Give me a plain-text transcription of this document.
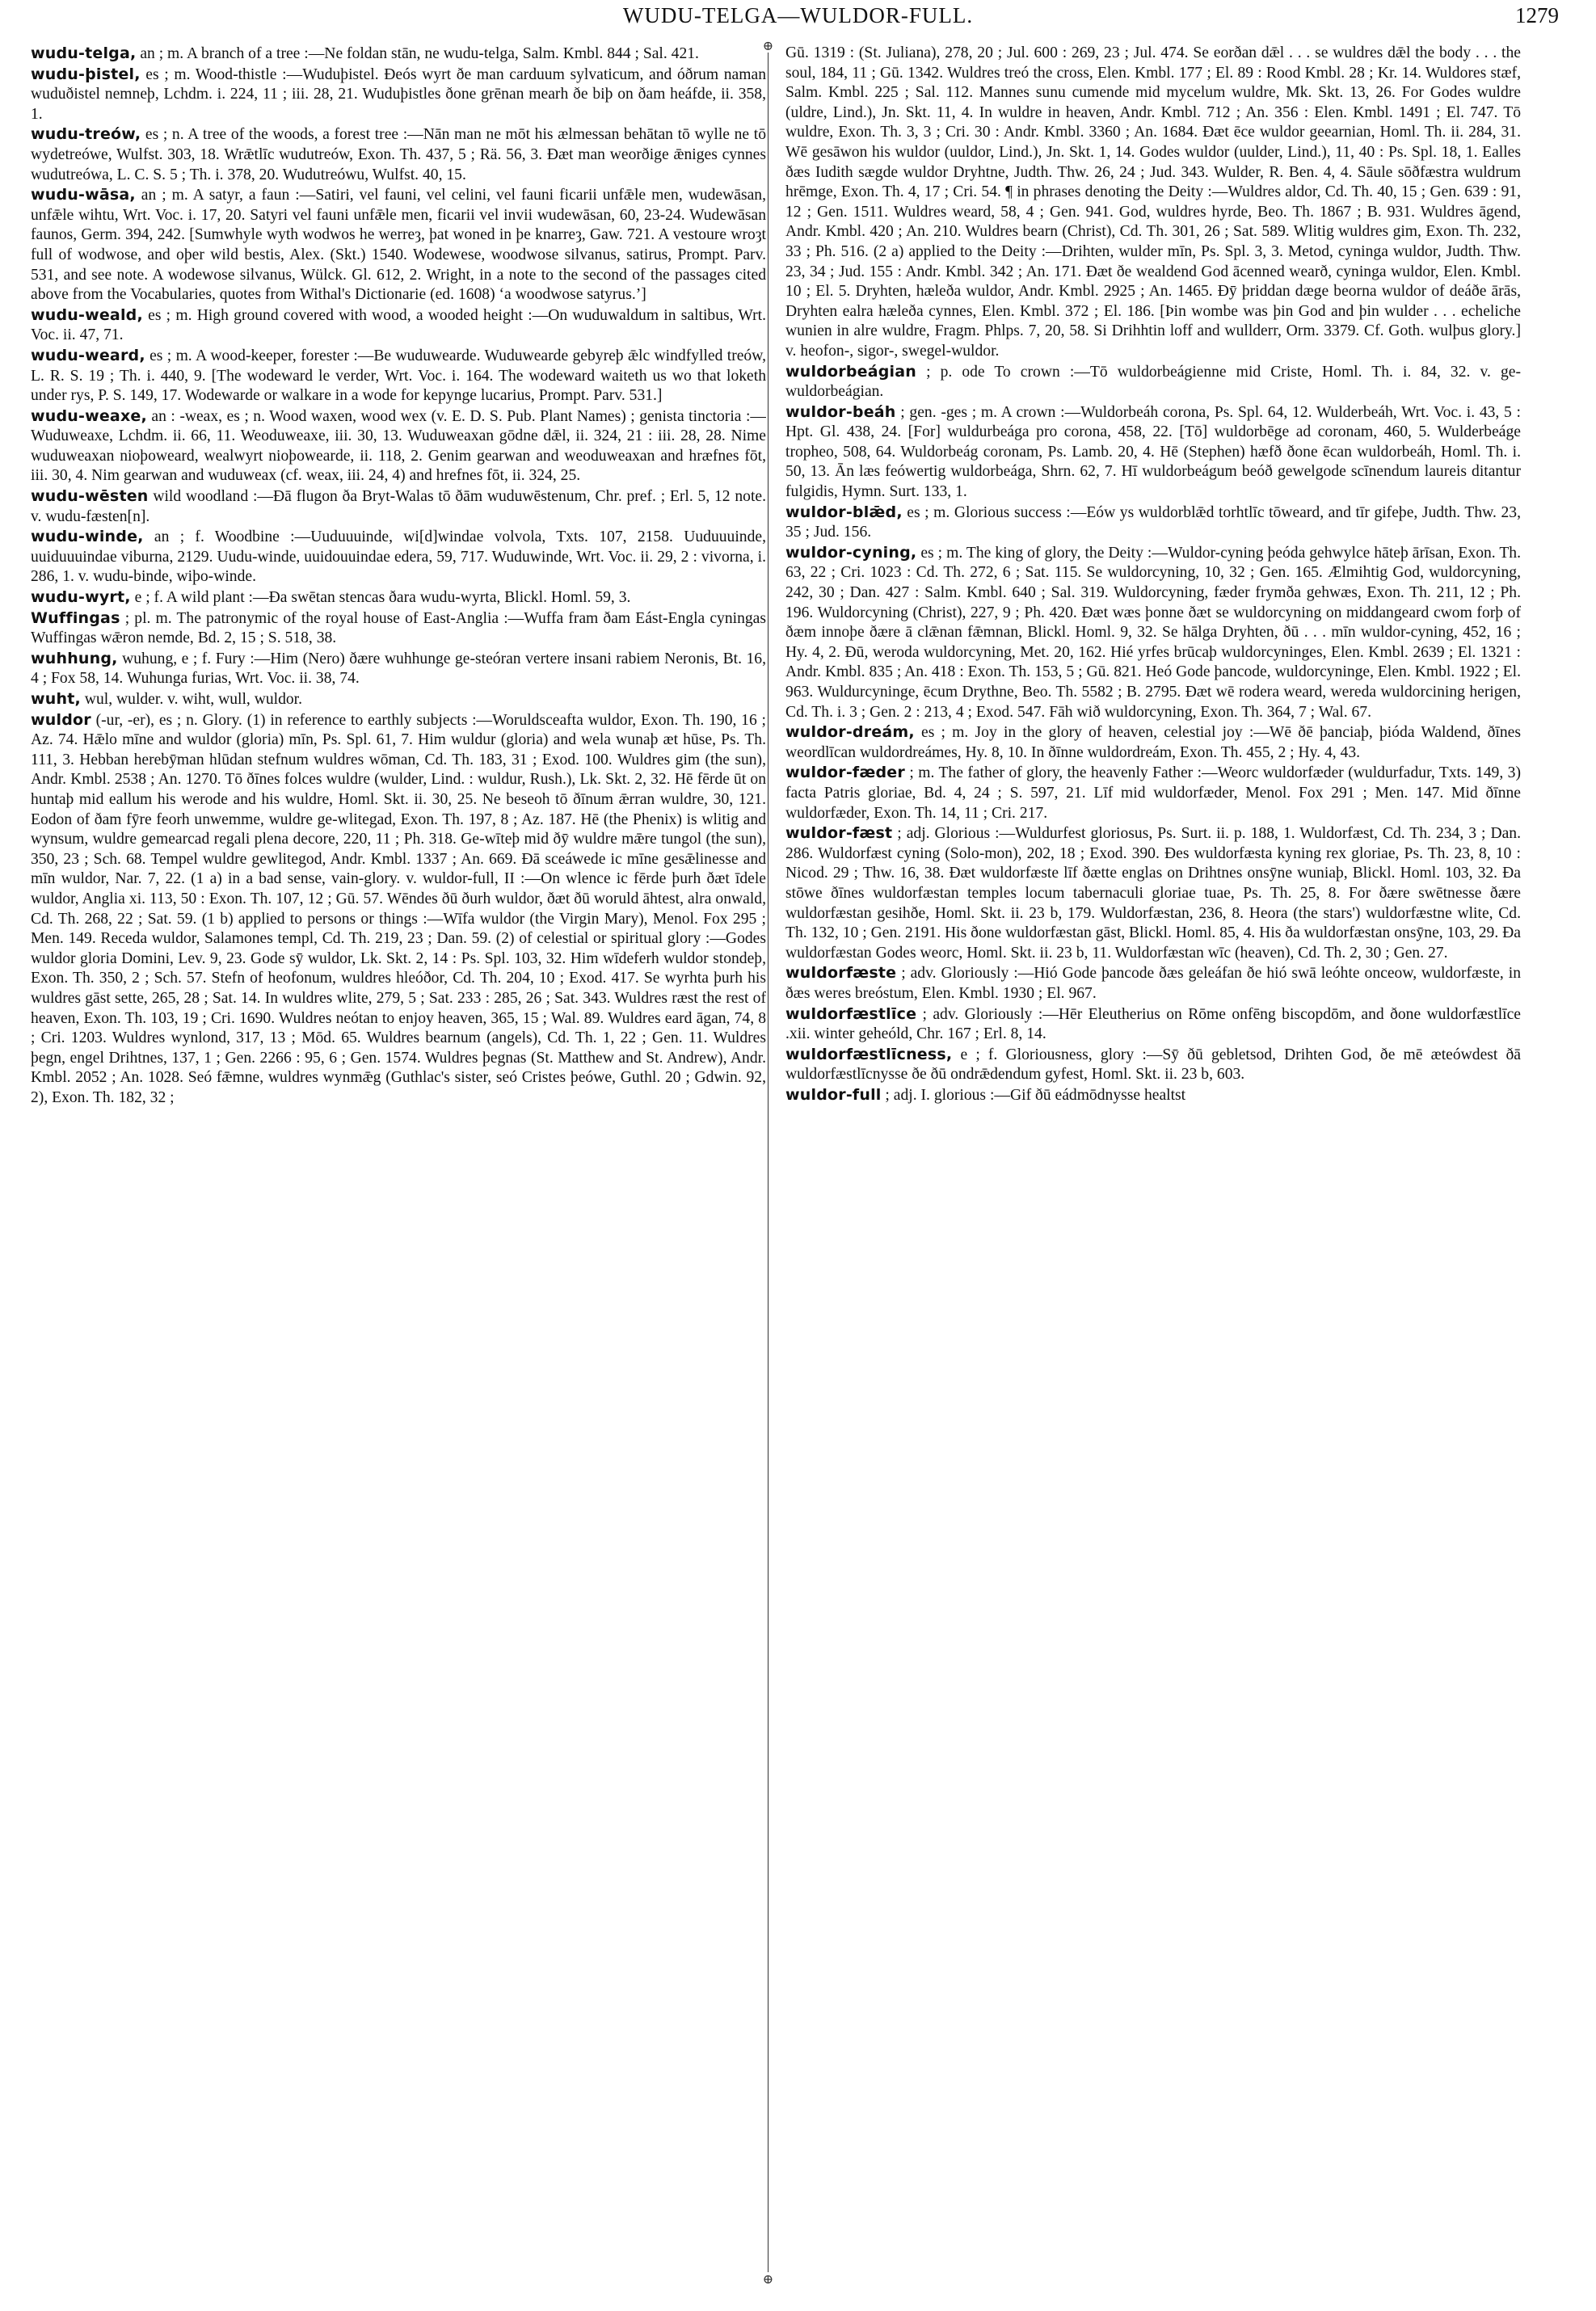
WUDU-TELGA—WULDOR-FULL.	1279

wudu-telga, an ; m. A branch of a tree :—Ne foldan stān, ne wudu-telga, Salm. Kmbl. 844 ; Sal. 421.

wudu-þistel, es ; m. Wood-thistle :—Wuduþistel. Ðeós wyrt ðe man carduum sylvaticum, and óðrum naman wuduðistel nemneþ, Lchdm. i. 224, 11 ; iii. 28, 21. Wuduþistles ðone grēnan mearh ðe biþ on ðam heáfde, ii. 358, 1.

wudu-treów, es ; n. A tree of the woods, a forest tree :—Nān man ne mōt his ælmessan behātan tō wylle ne tō wydetreówe, Wulfst. 303, 18. Wrǣtlīc wudutreów, Exon. Th. 437, 5 ; Rä. 56, 3. Ðæt man weorðige ǣniges cynnes wudutreówa, L. C. S. 5 ; Th. i. 378, 20. Wudutreówu, Wulfst. 40, 15.

wudu-wāsa, an ; m. A satyr, a faun :—Satiri, vel fauni, vel celini, vel fauni ficarii unfǣle men, wudewāsan, unfǣle wihtu, Wrt. Voc. i. 17, 20. Satyri vel fauni unfǣle men, ficarii vel invii wudewāsan, 60, 23-24. Wudewāsan faunos, Germ. 394, 242. [Sumwhyle wyth wodwos he werreȝ, þat woned in þe knarreȝ, Gaw. 721. A vestoure wroȝt full of wodwose, and oþer wild bestis, Alex. (Skt.) 1540. Wodewese, woodwose silvanus, satirus, Prompt. Parv. 531, and see note. A wodewose silvanus, Wülck. Gl. 612, 2. Wright, in a note to the second of the passages cited above from the Vocabularies, quotes from Withal's Dictionarie (ed. 1608) ‘a woodwose satyrus.’]

wudu-weald, es ; m. High ground covered with wood, a wooded height :—On wuduwaldum in saltibus, Wrt. Voc. ii. 47, 71.

wudu-weard, es ; m. A wood-keeper, forester :—Be wuduwearde. Wuduwearde gebyreþ ǣlc windfylled treów, L. R. S. 19 ; Th. i. 440, 9. [The wodeward le verder, Wrt. Voc. i. 164. The wodeward waiteth us wo that loketh under rys, P. S. 149, 17. Wodewarde or walkare in a wode for kepynge lucarius, Prompt. Parv. 531.]

wudu-weaxe, an : -weax, es ; n. Wood waxen, wood wex (v. E. D. S. Pub. Plant Names) ; genista tinctoria :—Wuduweaxe, Lchdm. ii. 66, 11. Weoduweaxe, iii. 30, 13. Wuduweaxan gōdne dǣl, ii. 324, 21 : iii. 28, 28. Nime wuduweaxan nioþoweard, wealwyrt nioþowearde, ii. 118, 2. Genim gearwan and weoduweaxan and hræfnes fōt, iii. 30, 4. Nim gearwan and wuduweax (cf. weax, iii. 24, 4) and hrefnes fōt, ii. 324, 25.

wudu-wēsten wild woodland :—Ðā flugon ða Bryt-Walas tō ðām wuduwēstenum, Chr. pref. ; Erl. 5, 12 note. v. wudu-fæsten[n].

wudu-winde, an ; f. Woodbine :—Uuduuuinde, wi[d]windae volvola, Txts. 107, 2158. Uuduuuinde, uuiduuuindae viburna, 2129. Uudu-winde, uuidouuindae edera, 59, 717. Wuduwinde, Wrt. Voc. ii. 29, 2 : vivorna, i. 286, 1. v. wudu-binde, wiþo-winde.

wudu-wyrt, e ; f. A wild plant :—Ða swētan stencas ðara wudu-wyrta, Blickl. Homl. 59, 3.

Wuffingas ; pl. m. The patronymic of the royal house of East-Anglia :—Wuffa fram ðam Eást-Engla cyningas Wuffingas wǣron nemde, Bd. 2, 15 ; S. 518, 38.

wuhhung, wuhung, e ; f. Fury :—Him (Nero) ðære wuhhunge ge-steóran vertere insani rabiem Neronis, Bt. 16, 4 ; Fox 58, 14. Wuhunga furias, Wrt. Voc. ii. 38, 74.

wuht, wul, wulder. v. wiht, wull, wuldor.

wuldor (-ur, -er), es ; n. Glory. (1) in reference to earthly subjects :—Woruldsceafta wuldor, Exon. Th. 190, 16 ; Az. 74. Hǣlo mīne and wuldor (gloria) mīn, Ps. Spl. 61, 7. Him wuldur (gloria) and wela wunaþ æt hūse, Ps. Th. 111, 3. Hebban herebȳman hlūdan stefnum wuldres wōman, Cd. Th. 183, 31 ; Exod. 100. Wuldres gim (the sun), Andr. Kmbl. 2538 ; An. 1270. Tō ðīnes folces wuldre (wulder, Lind. : wuldur, Rush.), Lk. Skt. 2, 32. Hē fērde ūt on huntaþ mid eallum his werode and his wuldre, Homl. Skt. ii. 30, 25. Ne beseoh tō ðīnum ǣrran wuldre, 30, 121. Eodon of ðam fȳre feorh unwemme, wuldre ge-wlitegad, Exon. Th. 197, 8 ; Az. 187. Hē (the Phenix) is wlitig and wynsum, wuldre gemearcad regali plena decore, 220, 11 ; Ph. 318. Ge-wīteþ mid ðȳ wuldre mǣre tungol (the sun), 350, 23 ; Sch. 68. Tempel wuldre gewlitegod, Andr. Kmbl. 1337 ; An. 669. Ðā sceáwede ic mīne gesǣlinesse and mīn wuldor, Nar. 7, 22. (1 a) in a bad sense, vain-glory. v. wuldor-full, II :—On wlence ic fērde þurh ðæt īdele wuldor, Anglia xi. 113, 50 : Exon. Th. 107, 12 ; Gū. 57. Wēndes ðū ðurh wuldor, ðæt ðū woruld āhtest, alra onwald, Cd. Th. 268, 22 ; Sat. 59. (1 b) applied to persons or things :—Wīfa wuldor (the Virgin Mary), Menol. Fox 295 ; Men. 149. Receda wuldor, Salamones templ, Cd. Th. 219, 23 ; Dan. 59. (2) of celestial or spiritual glory :—Godes wuldor gloria Domini, Lev. 9, 23. Gode sȳ wuldor, Lk. Skt. 2, 14 : Ps. Spl. 103, 32. Him wīdeferh wuldor stondeþ, Exon. Th. 350, 2 ; Sch. 57. Stefn of heofonum, wuldres hleóðor, Cd. Th. 204, 10 ; Exod. 417. Se wyrhta þurh his wuldres gāst sette, 265, 28 ; Sat. 14. In wuldres wlite, 279, 5 ; Sat. 233 : 285, 26 ; Sat. 343. Wuldres ræst the rest of heaven, Exon. Th. 103, 19 ; Cri. 1690. Wuldres neótan to enjoy heaven, 365, 15 ; Wal. 89. Wuldres eard āgan, 74, 8 ; Cri. 1203. Wuldres wynlond, 317, 13 ; Mōd. 65. Wuldres bearnum (angels), Cd. Th. 1, 22 ; Gen. 11. Wuldres þegn, engel Drihtnes, 137, 1 ; Gen. 2266 : 95, 6 ; Gen. 1574. Wuldres þegnas (St. Matthew and St. Andrew), Andr. Kmbl. 2052 ; An. 1028. Seó fǣmne, wuldres wynmǣg (Guthlac's sister, seó Cristes þeówe, Guthl. 20 ; Gdwin. 92, 2), Exon. Th. 182, 32 ;

⊕
⊕

Gū. 1319 : (St. Juliana), 278, 20 ; Jul. 600 : 269, 23 ; Jul. 474. Se eorðan dǣl . . . se wuldres dǣl the body . . . the soul, 184, 11 ; Gū. 1342. Wuldres treó the cross, Elen. Kmbl. 177 ; El. 89 : Rood Kmbl. 28 ; Kr. 14. Wuldores stæf, Salm. Kmbl. 225 ; Sal. 112. Mannes sunu cumende mid mycelum wuldre, Mk. Skt. 13, 26. For Godes wuldre (uldre, Lind.), Jn. Skt. 11, 4. In wuldre in heaven, Andr. Kmbl. 712 ; An. 356 : Elen. Kmbl. 1491 ; El. 747. Tō wuldre, Exon. Th. 3, 3 ; Cri. 30 : Andr. Kmbl. 3360 ; An. 1684. Ðæt ēce wuldor geearnian, Homl. Th. ii. 284, 31. Wē gesāwon his wuldor (uuldor, Lind.), Jn. Skt. 1, 14. Godes wuldor (uulder, Lind.), 11, 40 : Ps. Spl. 18, 1. Ealles ðæs Iudith sægde wuldor Dryhtne, Judth. Thw. 26, 24 ; Jud. 343. Wulder, R. Ben. 4, 4. Sāule sōðfæstra wuldrum hrēmge, Exon. Th. 4, 17 ; Cri. 54. ¶ in phrases denoting the Deity :—Wuldres aldor, Cd. Th. 40, 15 ; Gen. 639 : 91, 12 ; Gen. 1511. Wuldres weard, 58, 4 ; Gen. 941. God, wuldres hyrde, Beo. Th. 1867 ; B. 931. Wuldres āgend, Andr. Kmbl. 420 ; An. 210. Wuldres bearn (Christ), Cd. Th. 301, 26 ; Sat. 589. Wlitig wuldres gim, Exon. Th. 232, 33 ; Ph. 516. (2 a) applied to the Deity :—Drihten, wulder mīn, Ps. Spl. 3, 3. Metod, cyninga wuldor, Judth. Thw. 23, 34 ; Jud. 155 : Andr. Kmbl. 342 ; An. 171. Ðæt ðe wealdend God ācenned wearð, cyninga wuldor, Elen. Kmbl. 10 ; El. 5. Dryhten, hæleða wuldor, Andr. Kmbl. 2925 ; An. 1465. Ðȳ þriddan dæge beorna wuldor of deáðe ārās, Dryhten ealra hæleða cynnes, Elen. Kmbl. 372 ; El. 186. [Þin wombe was þin God and þin wulder . . . echeliche wunien in alre wuldre, Fragm. Phlps. 7, 20, 58. Si Drihhtin loff and wullderr, Orm. 3379. Cf. Goth. wulþus glory.] v. heofon-, sigor-, swegel-wuldor.

wuldorbeágian ; p. ode To crown :—Tō wuldorbeágienne mid Criste, Homl. Th. i. 84, 32. v. ge-wuldorbeágian.

wuldor-beáh ; gen. -ges ; m. A crown :—Wuldorbeáh corona, Ps. Spl. 64, 12. Wulderbeáh, Wrt. Voc. i. 43, 5 : Hpt. Gl. 438, 24. [For] wuldurbeága pro corona, 458, 22. [Tō] wuldorbēge ad coronam, 460, 5. Wulderbeáge tropheo, 508, 64. Wuldorbeág coronam, Ps. Lamb. 20, 4. Hē (Stephen) hæfð ðone ēcan wuldorbeáh, Homl. Th. i. 50, 13. Ān læs feówertig wuldorbeága, Shrn. 62, 7. Hī wuldorbeágum beóð gewelgode scīnendum laureis ditantur fulgidis, Hymn. Surt. 133, 1.

wuldor-blǣd, es ; m. Glorious success :—Eów ys wuldorblǣd torhtlīc tōweard, and tīr gifeþe, Judth. Thw. 23, 35 ; Jud. 156.

wuldor-cyning, es ; m. The king of glory, the Deity :—Wuldor-cyning þeóda gehwylce hāteþ ārīsan, Exon. Th. 63, 22 ; Cri. 1023 : Cd. Th. 272, 6 ; Sat. 115. Se wuldorcyning, 10, 32 ; Gen. 165. Ælmihtig God, wuldorcyning, 242, 30 ; Dan. 427 : Salm. Kmbl. 640 ; Sal. 319. Wuldorcyning, fæder frymða gehwæs, Exon. Th. 211, 12 ; Ph. 196. Wuldorcyning (Christ), 227, 9 ; Ph. 420. Ðæt wæs þonne ðæt se wuldorcyning on middangeard cwom forþ of ðæm innoþe ðære ā clǣnan fǣmnan, Blickl. Homl. 9, 32. Se hālga Dryhten, ðū . . . mīn wuldor-cyning, 452, 16 ; Hy. 4, 2. Ðū, weroda wuldorcyning, Met. 20, 162. Hié yrfes brūcaþ wuldorcyninges, Elen. Kmbl. 2639 ; El. 1321 : Andr. Kmbl. 835 ; An. 418 : Exon. Th. 153, 5 ; Gū. 821. Heó Gode þancode, wuldorcyninge, Elen. Kmbl. 1922 ; El. 963. Wuldurcyninge, ēcum Drythne, Beo. Th. 5582 ; B. 2795. Ðæt wē rodera weard, wereda wuldorcining herigen, Cd. Th. i. 3 ; Gen. 2 : 213, 4 ; Exod. 547. Fāh wið wuldorcyning, Exon. Th. 364, 7 ; Wal. 67.

wuldor-dreám, es ; m. Joy in the glory of heaven, celestial joy :—Wē ðē þanciaþ, þióda Waldend, ðīnes weordlīcan wuldordreámes, Hy. 8, 10. In ðīnne wuldordreám, Exon. Th. 455, 2 ; Hy. 4, 43.

wuldor-fæder ; m. The father of glory, the heavenly Father :—Weorc wuldorfæder (wuldurfadur, Txts. 149, 3) facta Patris gloriae, Bd. 4, 24 ; S. 597, 21. Līf mid wuldorfæder, Menol. Fox 291 ; Men. 147. Mid ðīnne wuldorfæder, Exon. Th. 14, 11 ; Cri. 217.

wuldor-fæst ; adj. Glorious :—Wuldurfest gloriosus, Ps. Surt. ii. p. 188, 1. Wuldorfæst, Cd. Th. 234, 3 ; Dan. 286. Wuldorfæst cyning (Solo-mon), 202, 18 ; Exod. 390. Ðes wuldorfæsta kyning rex gloriae, Ps. Th. 23, 8, 10 : Nicod. 29 ; Thw. 16, 38. Ðæt wuldorfæste līf ðætte englas on Drihtnes onsȳne wuniaþ, Blickl. Homl. 103, 32. Ða stōwe ðīnes wuldorfæstan temples locum tabernaculi gloriae tuae, Ps. Th. 25, 8. For ðære swētnesse ðære wuldorfæstan gesihðe, Homl. Skt. ii. 23 b, 179. Wuldorfæstan, 236, 8. Heora (the stars') wuldorfæstne wlite, Cd. Th. 132, 10 ; Gen. 2191. His ðone wuldorfæstan gāst, Blickl. Homl. 85, 4. His ða wuldorfæstan onsȳne, 103, 29. Ða wuldorfæstan Godes weorc, Homl. Skt. ii. 23 b, 11. Wuldorfæstan wīc (heaven), Cd. Th. 2, 30 ; Gen. 27.

wuldorfæste ; adv. Gloriously :—Hió Gode þancode ðæs geleáfan ðe hió swā leóhte onceow, wuldorfæste, in ðæs weres breóstum, Elen. Kmbl. 1930 ; El. 967.

wuldorfæstlīce ; adv. Gloriously :—Hēr Eleutherius on Rōme onfēng biscopdōm, and ðone wuldorfæstlīce .xii. winter geheóld, Chr. 167 ; Erl. 8, 14.

wuldorfæstlīcness, e ; f. Gloriousness, glory :—Sȳ ðū gebletsod, Drihten God, ðe mē æteówdest ðā wuldorfæstlīcnysse ðe ðū ondrǣdendum gyfest, Homl. Skt. ii. 23 b, 603.

wuldor-full ; adj. I. glorious :—Gif ðū eádmōdnysse healtst
